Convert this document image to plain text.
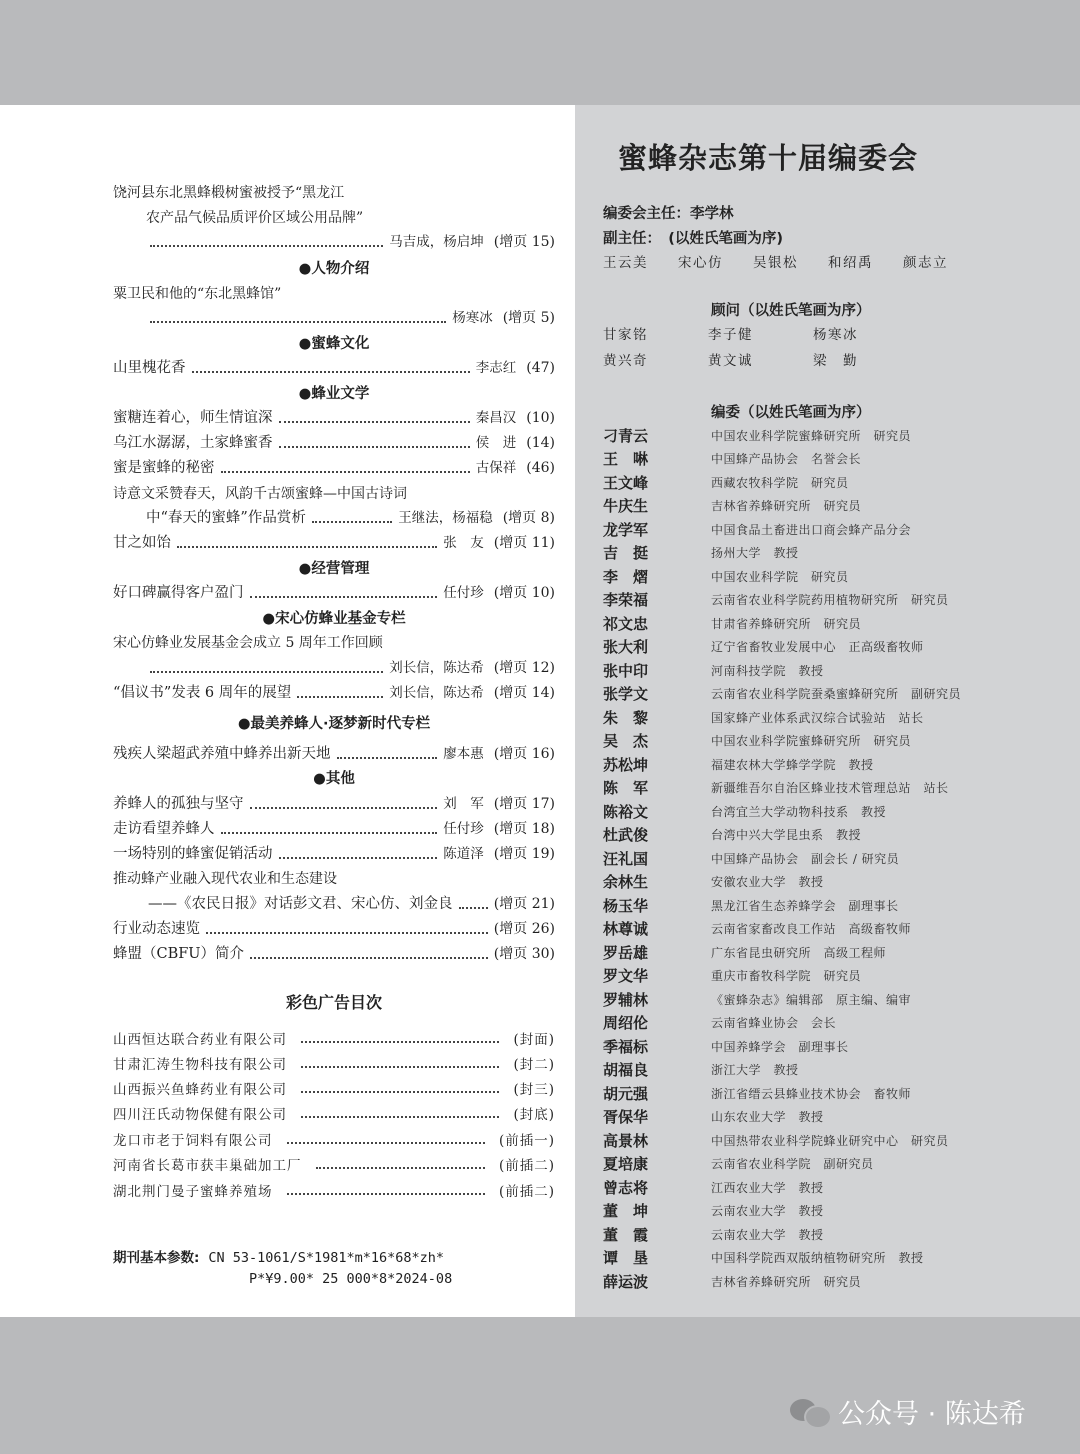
饶河县东北黑蜂椴树蜜被授予“黑龙江
农产品气候品质评价区域公用品牌”
马吉成，杨启坤 (增页 15)
●人物介绍
粟卫民和他的“东北黑蜂馆”
杨寒冰 (增页 5)
●蜜蜂文化
山里槐花香	李志红 (47)
●蜂业文学
蜜糖连着心，师生情谊深	秦昌汉 (10)
乌江水潺潺，土家蜂蜜香	侯　进 (14)
蜜是蜜蜂的秘密	古保祥 (46)
诗意文采赞春天，风韵千古颂蜜蜂—中国古诗词
中“春天的蜜蜂”作品赏析	王继法，杨福稳 (增页 8)
甘之如饴	张　友 (增页 11)
●经营管理
好口碑赢得客户盈门	任付珍 (增页 10)
●宋心仿蜂业基金专栏
宋心仿蜂业发展基金会成立 5 周年工作回顾
刘长信，陈达希 (增页 12)
“倡议书”发表 6 周年的展望	刘长信，陈达希 (增页 14)
●最美养蜂人·逐梦新时代专栏
残疾人梁超武养殖中蜂养出新天地	廖本惠 (增页 16)
●其他
养蜂人的孤独与坚守	刘　军 (增页 17)
走访看望养蜂人	任付珍 (增页 18)
一场特别的蜂蜜促销活动	陈道泽 (增页 19)
推动蜂产业融入现代农业和生态建设
——《农民日报》对话彭文君、宋心仿、刘金良	(增页 21)
行业动态速览	(增页 26)
蜂盟（CBFU）简介	(增页 30)
彩色广告目次
山西恒达联合药业有限公司	(封面)
甘肃汇涛生物科技有限公司	(封二)
山西振兴鱼蜂药业有限公司	(封三)
四川汪氏动物保健有限公司	(封底)
龙口市老于饲料有限公司	(前插一)
河南省长葛市获丰巢础加工厂	(前插二)
湖北荆门曼子蜜蜂养殖场	(前插二)
期刊基本参数: CN 53-1061/S*1981*m*16*68*zh*
P*¥9.00* 25 000*8*2024-08
蜜蜂杂志第十届编委会
编委会主任：李学林
副主任：　(以姓氏笔画为序)
王云美　　宋心仿　　吴银松　　和绍禹　　颜志立
顾问（以姓氏笔画为序）
甘家铭　　　　李子健　　　　杨寒冰
黄兴奇　　　　黄文诚　　　　梁　勤
编委（以姓氏笔画为序）
刁青云	中国农业科学院蜜蜂研究所　研究员
王　啉	中国蜂产品协会　名誉会长
王文峰	西藏农牧科学院　研究员
牛庆生	吉林省养蜂研究所　研究员
龙学军	中国食品土畜进出口商会蜂产品分会
吉　挺	扬州大学　教授
李　熠	中国农业科学院　研究员
李荣福	云南省农业科学院药用植物研究所　研究员
祁文忠	甘肃省养蜂研究所　研究员
张大利	辽宁省畜牧业发展中心　正高级畜牧师
张中印	河南科技学院　教授
张学文	云南省农业科学院蚕桑蜜蜂研究所　副研究员
朱　黎	国家蜂产业体系武汉综合试验站　站长
吴　杰	中国农业科学院蜜蜂研究所　研究员
苏松坤	福建农林大学蜂学学院　教授
陈　军	新疆维吾尔自治区蜂业技术管理总站　站长
陈裕文	台湾宜兰大学动物科技系　教授
杜武俊	台湾中兴大学昆虫系　教授
汪礼国	中国蜂产品协会　副会长 / 研究员
余林生	安徽农业大学　教授
杨玉华	黑龙江省生态养蜂学会　副理事长
林尊诚	云南省家畜改良工作站　高级畜牧师
罗岳雄	广东省昆虫研究所　高级工程师
罗文华	重庆市畜牧科学院　研究员
罗辅林	《蜜蜂杂志》编辑部　原主编、编审
周绍伦	云南省蜂业协会　会长
季福标	中国养蜂学会　副理事长
胡福良	浙江大学　教授
胡元强	浙江省缙云县蜂业技术协会　畜牧师
胥保华	山东农业大学　教授
高景林	中国热带农业科学院蜂业研究中心　研究员
夏培康	云南省农业科学院　副研究员
曾志将	江西农业大学　教授
董　坤	云南农业大学　教授
董　霞	云南农业大学　教授
谭　垦	中国科学院西双版纳植物研究所　教授
薛运波	吉林省养蜂研究所　研究员
公众号 · 陈达希
